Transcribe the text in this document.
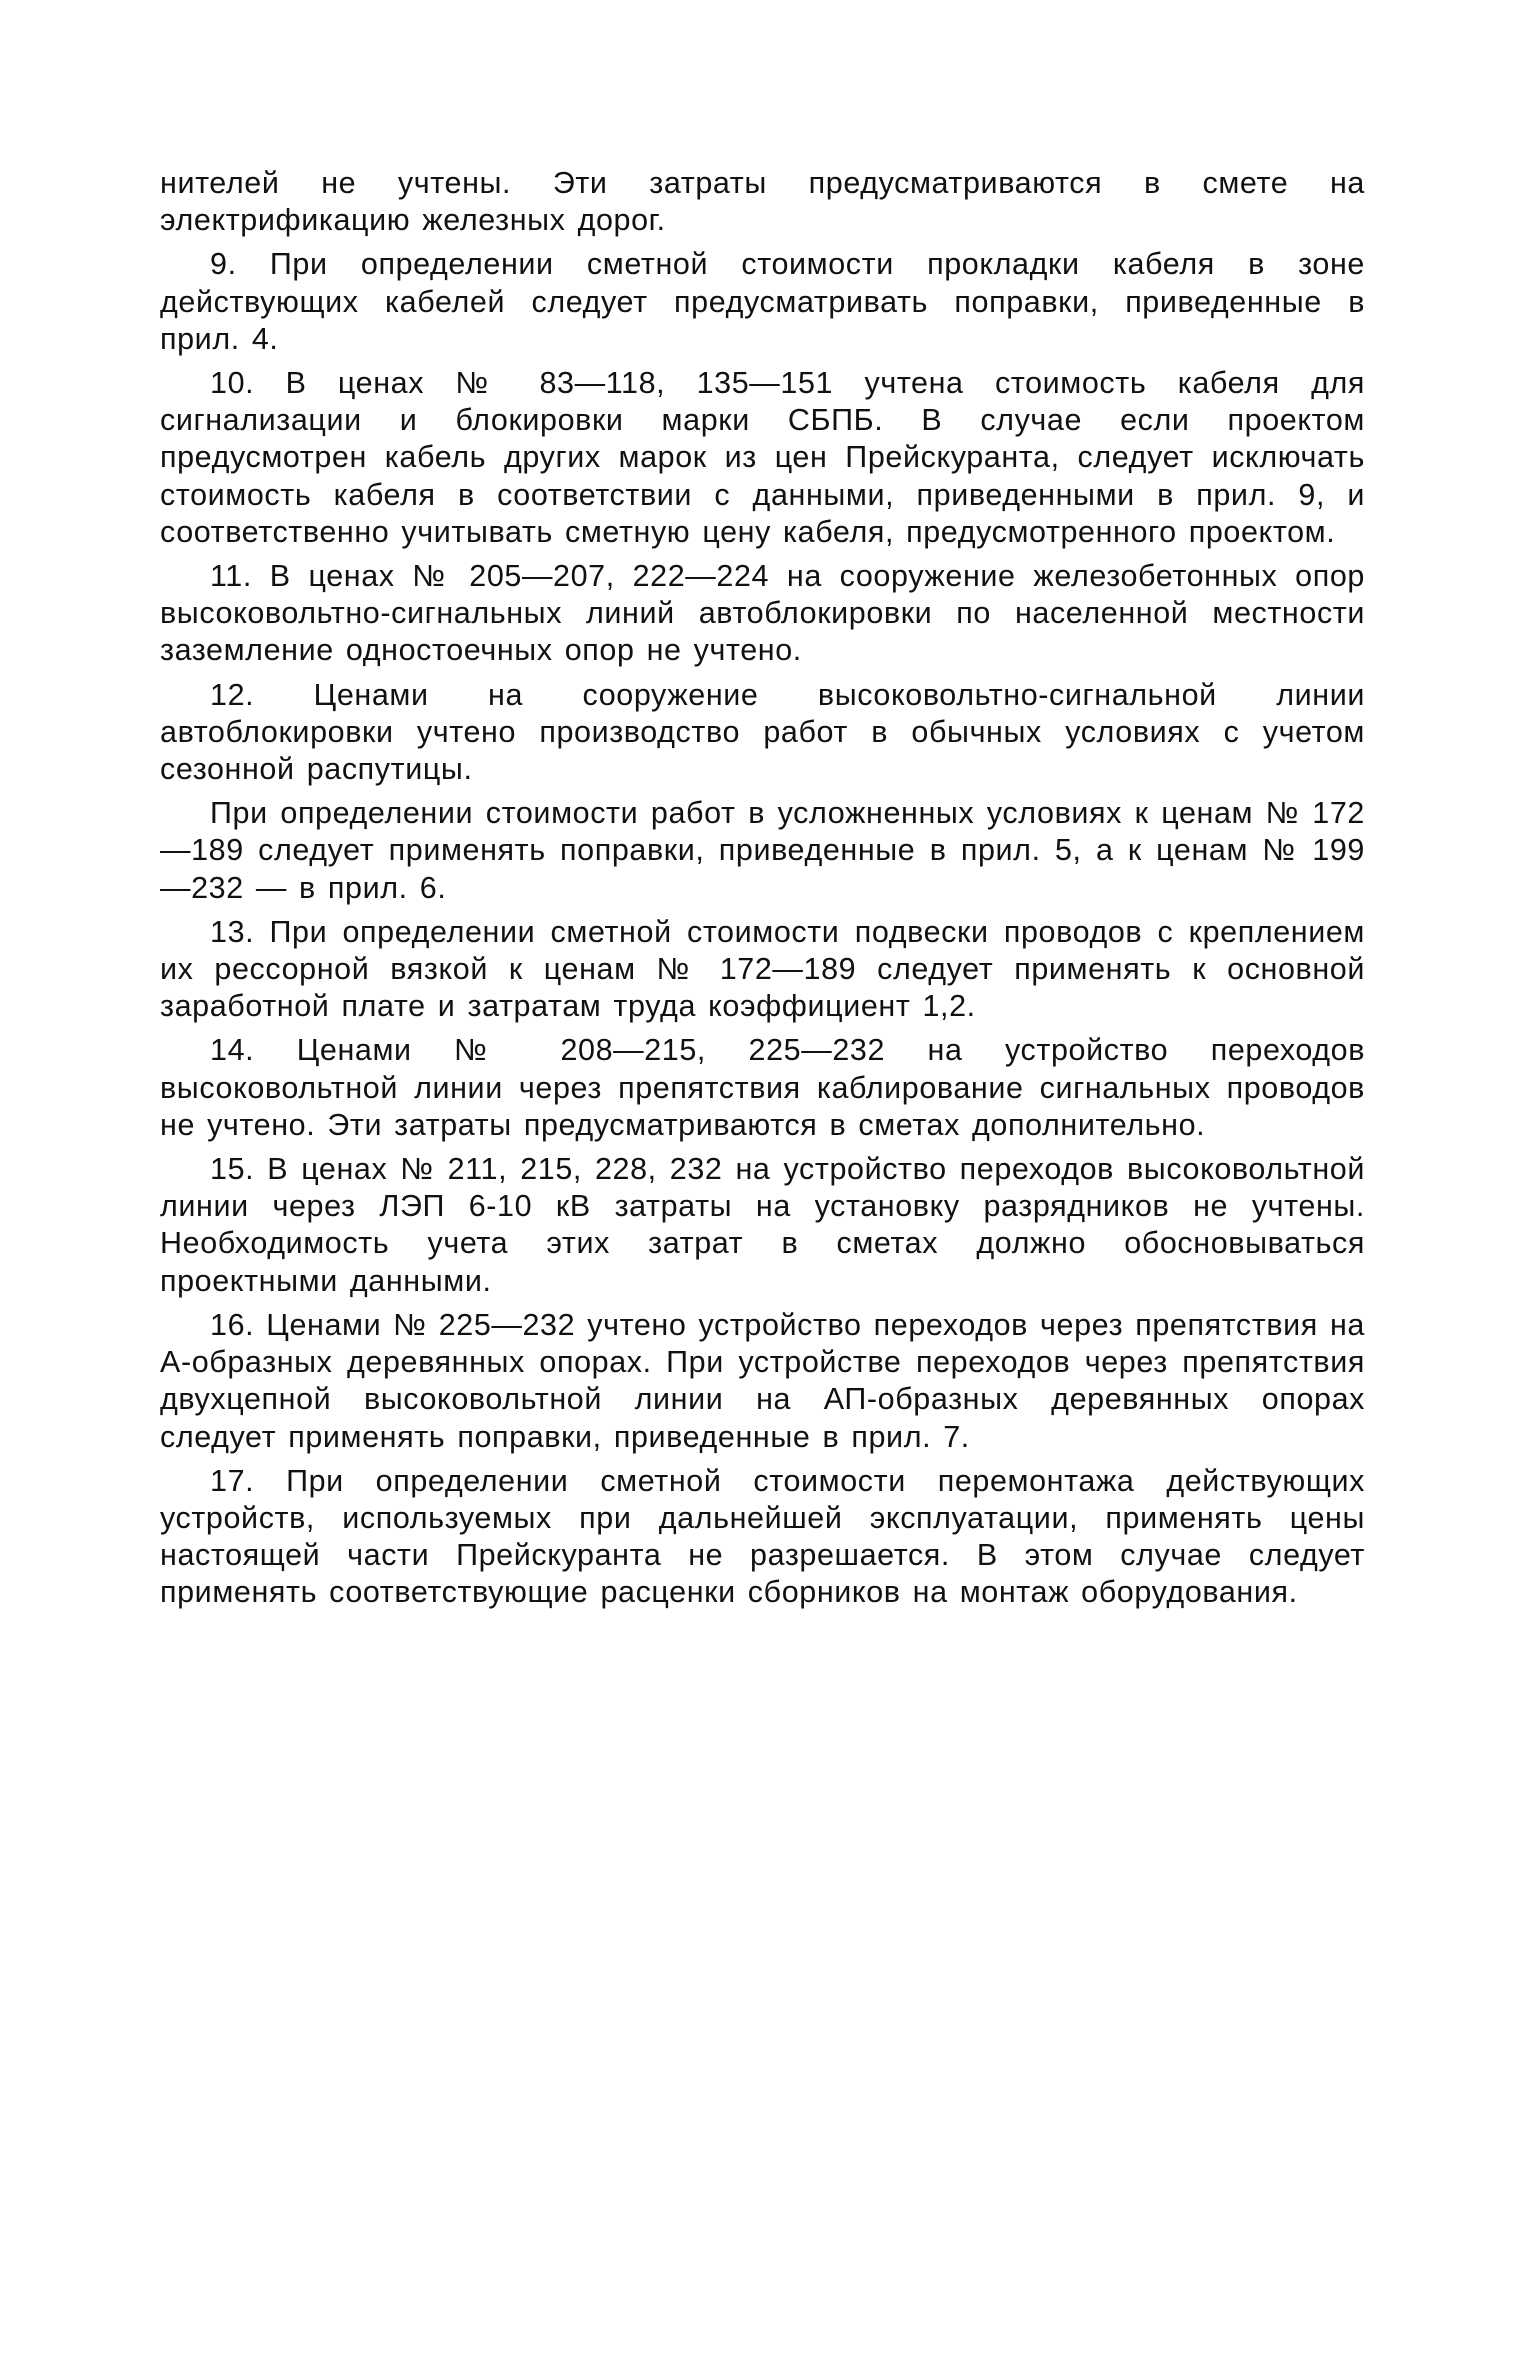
нителей не учтены. Эти затраты предусматриваются в смете на электрификацию железных дорог.

9. При определении сметной стоимости прокладки кабеля в зоне действующих кабелей следует предусматривать поправки, приведенные в прил. 4.

10. В ценах № 83—118, 135—151 учтена стоимость кабеля для сигнализации и блокировки марки СБПБ. В случае если проектом предусмотрен кабель других марок из цен Прейскуранта, следует исключать стоимость кабеля в соответствии с данными, приведенными в прил. 9, и соответственно учитывать сметную цену кабеля, предусмотренного проектом.

11. В ценах № 205—207, 222—224 на сооружение железобетонных опор высоковольтно-сигнальных линий автоблокировки по населенной местности заземление одностоечных опор не учтено.

12. Ценами на сооружение высоковольтно-сигнальной линии автоблокировки учтено производство работ в обычных условиях с учетом сезонной распутицы.

При определении стоимости работ в усложненных условиях к ценам № 172—189 следует применять поправки, приведенные в прил. 5, а к ценам № 199—232 — в прил. 6.

13. При определении сметной стоимости подвески проводов с креплением их рессорной вязкой к ценам № 172—189 следует применять к основной заработной плате и затратам труда коэффициент 1,2.

14. Ценами № 208—215, 225—232 на устройство переходов высоковольтной линии через препятствия каблирование сигнальных проводов не учтено. Эти затраты предусматриваются в сметах дополнительно.

15. В ценах № 211, 215, 228, 232 на устройство переходов высоковольтной линии через ЛЭП 6-10 кВ затраты на установку разрядников не учтены. Необходимость учета этих затрат в сметах должно обосновываться проектными данными.

16. Ценами № 225—232 учтено устройство переходов через препятствия на А-образных деревянных опорах. При устройстве переходов через препятствия двухцепной высоковольтной линии на АП-образных деревянных опорах следует применять поправки, приведенные в прил. 7.

17. При определении сметной стоимости перемонтажа действующих устройств, используемых при дальнейшей эксплуатации, применять цены настоящей части Прейскуранта не разрешается. В этом случае следует применять соответствующие расценки сборников на монтаж оборудования.
